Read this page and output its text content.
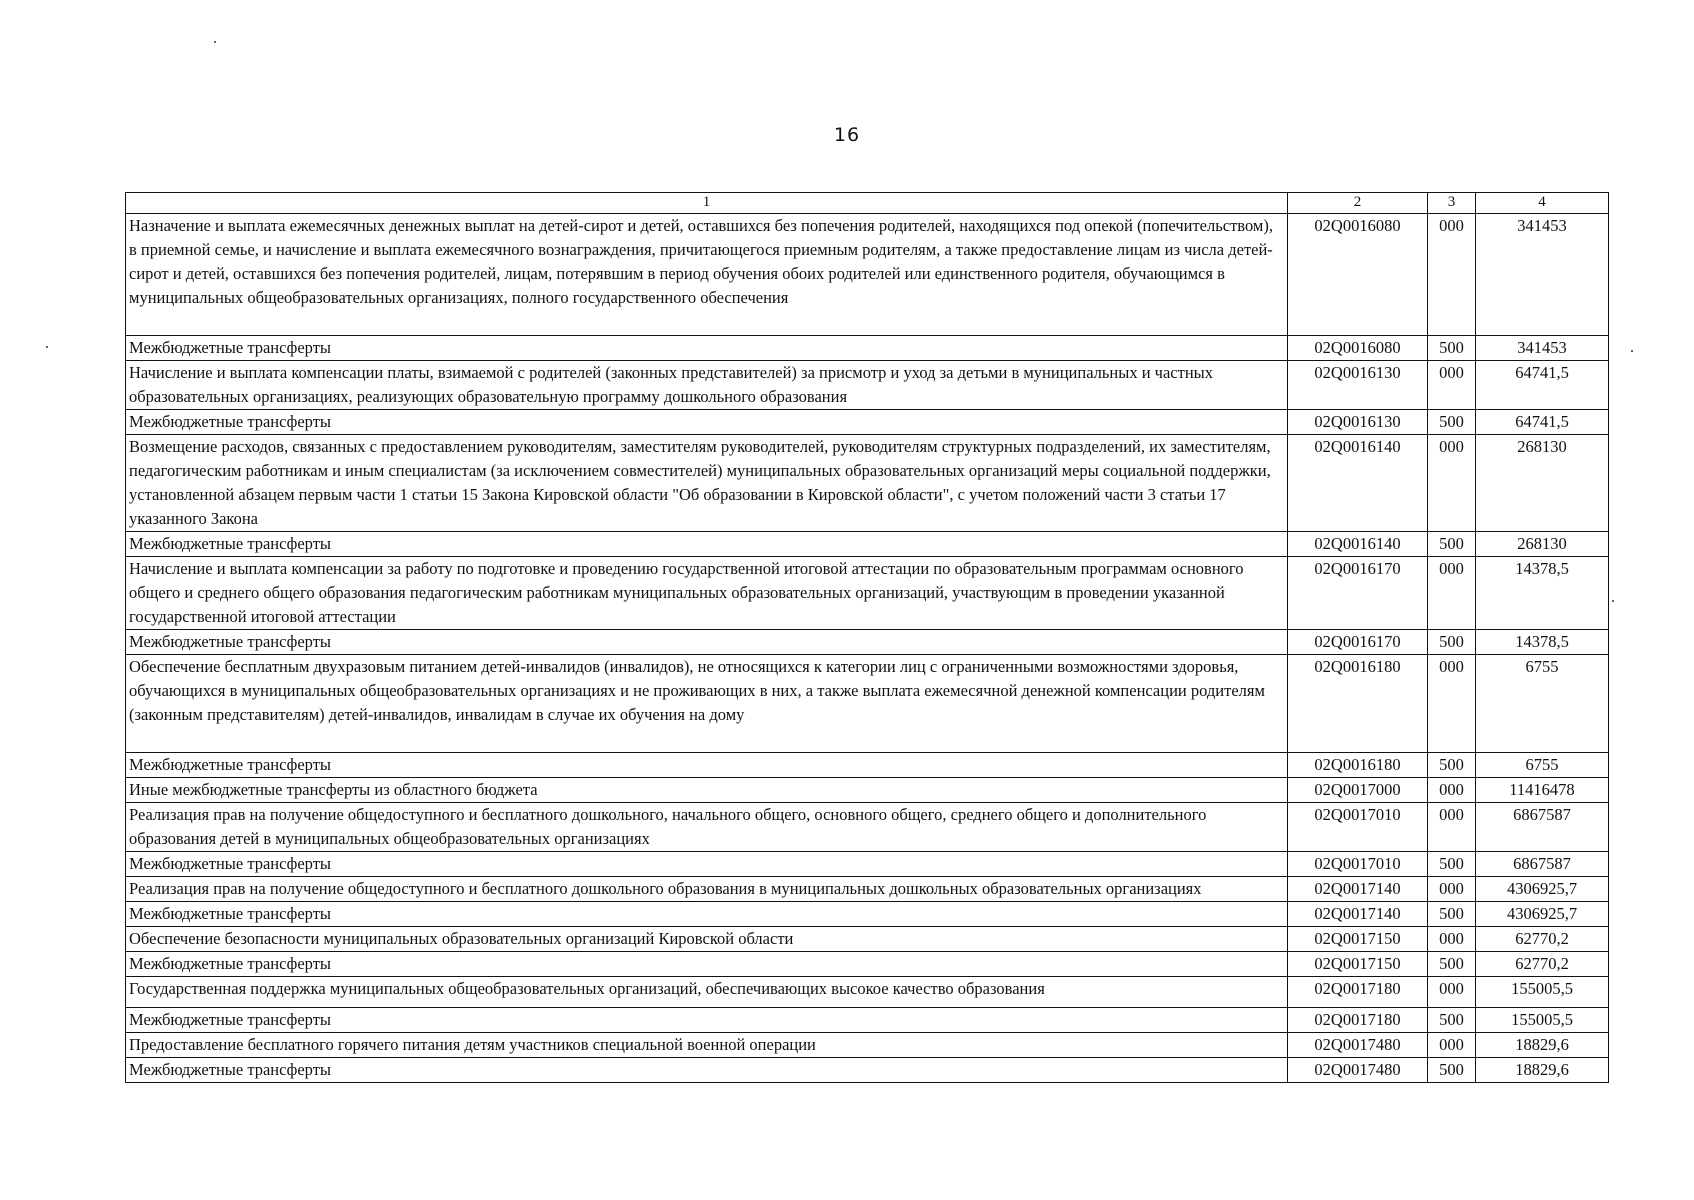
16
1	2	3	4
Назначение и выплата ежемесячных денежных выплат на детей-сирот и детей, оставшихся без попечения родителей, находящихся под опекой (попечительством), в приемной семье, и начисление и выплата ежемесячного вознаграждения, причитающегося приемным родителям, а также предоставление лицам из числа детей-сирот и детей, оставшихся без попечения родителей, лицам, потерявшим в период обучения обоих родителей или единственного родителя, обучающимся в муниципальных общеобразовательных организациях, полного государственного обеспечения	02Q0016080	000	341453
Межбюджетные трансферты	02Q0016080	500	341453
Начисление и выплата компенсации платы, взимаемой с родителей (законных представителей) за присмотр и уход за детьми в муниципальных и частных образовательных организациях, реализующих образовательную программу дошкольного образования	02Q0016130	000	64741,5
Межбюджетные трансферты	02Q0016130	500	64741,5
Возмещение расходов, связанных с предоставлением руководителям, заместителям руководителей, руководителям структурных подразделений, их заместителям, педагогическим работникам и иным специалистам (за исключением совместителей) муниципальных образовательных организаций меры социальной поддержки, установленной абзацем первым части 1 статьи 15 Закона Кировской области "Об образовании в Кировской области", с учетом положений части 3 статьи 17 указанного Закона	02Q0016140	000	268130
Межбюджетные трансферты	02Q0016140	500	268130
Начисление и выплата компенсации за работу по подготовке и проведению государственной итоговой аттестации по образовательным программам основного общего и среднего общего образования педагогическим работникам муниципальных образовательных организаций, участвующим в проведении указанной государственной итоговой аттестации	02Q0016170	000	14378,5
Межбюджетные трансферты	02Q0016170	500	14378,5
Обеспечение бесплатным двухразовым питанием детей-инвалидов (инвалидов), не относящихся к категории лиц с ограниченными возможностями здоровья, обучающихся в муниципальных общеобразовательных организациях и не проживающих в них, а также выплата ежемесячной денежной компенсации родителям (законным представителям) детей-инвалидов, инвалидам в случае их обучения на дому	02Q0016180	000	6755
Межбюджетные трансферты	02Q0016180	500	6755
Иные межбюджетные трансферты из областного бюджета	02Q0017000	000	11416478
Реализация прав на получение общедоступного и бесплатного дошкольного, начального общего, основного общего, среднего общего и дополнительного образования детей в муниципальных общеобразовательных организациях	02Q0017010	000	6867587
Межбюджетные трансферты	02Q0017010	500	6867587
Реализация прав на получение общедоступного и бесплатного дошкольного образования в муниципальных дошкольных образовательных организациях	02Q0017140	000	4306925,7
Межбюджетные трансферты	02Q0017140	500	4306925,7
Обеспечение безопасности муниципальных образовательных организаций Кировской области	02Q0017150	000	62770,2
Межбюджетные трансферты	02Q0017150	500	62770,2
Государственная поддержка муниципальных общеобразовательных организаций, обеспечивающих высокое качество образования	02Q0017180	000	155005,5
Межбюджетные трансферты	02Q0017180	500	155005,5
Предоставление бесплатного горячего питания детям участников специальной военной операции	02Q0017480	000	18829,6
Межбюджетные трансферты	02Q0017480	500	18829,6
